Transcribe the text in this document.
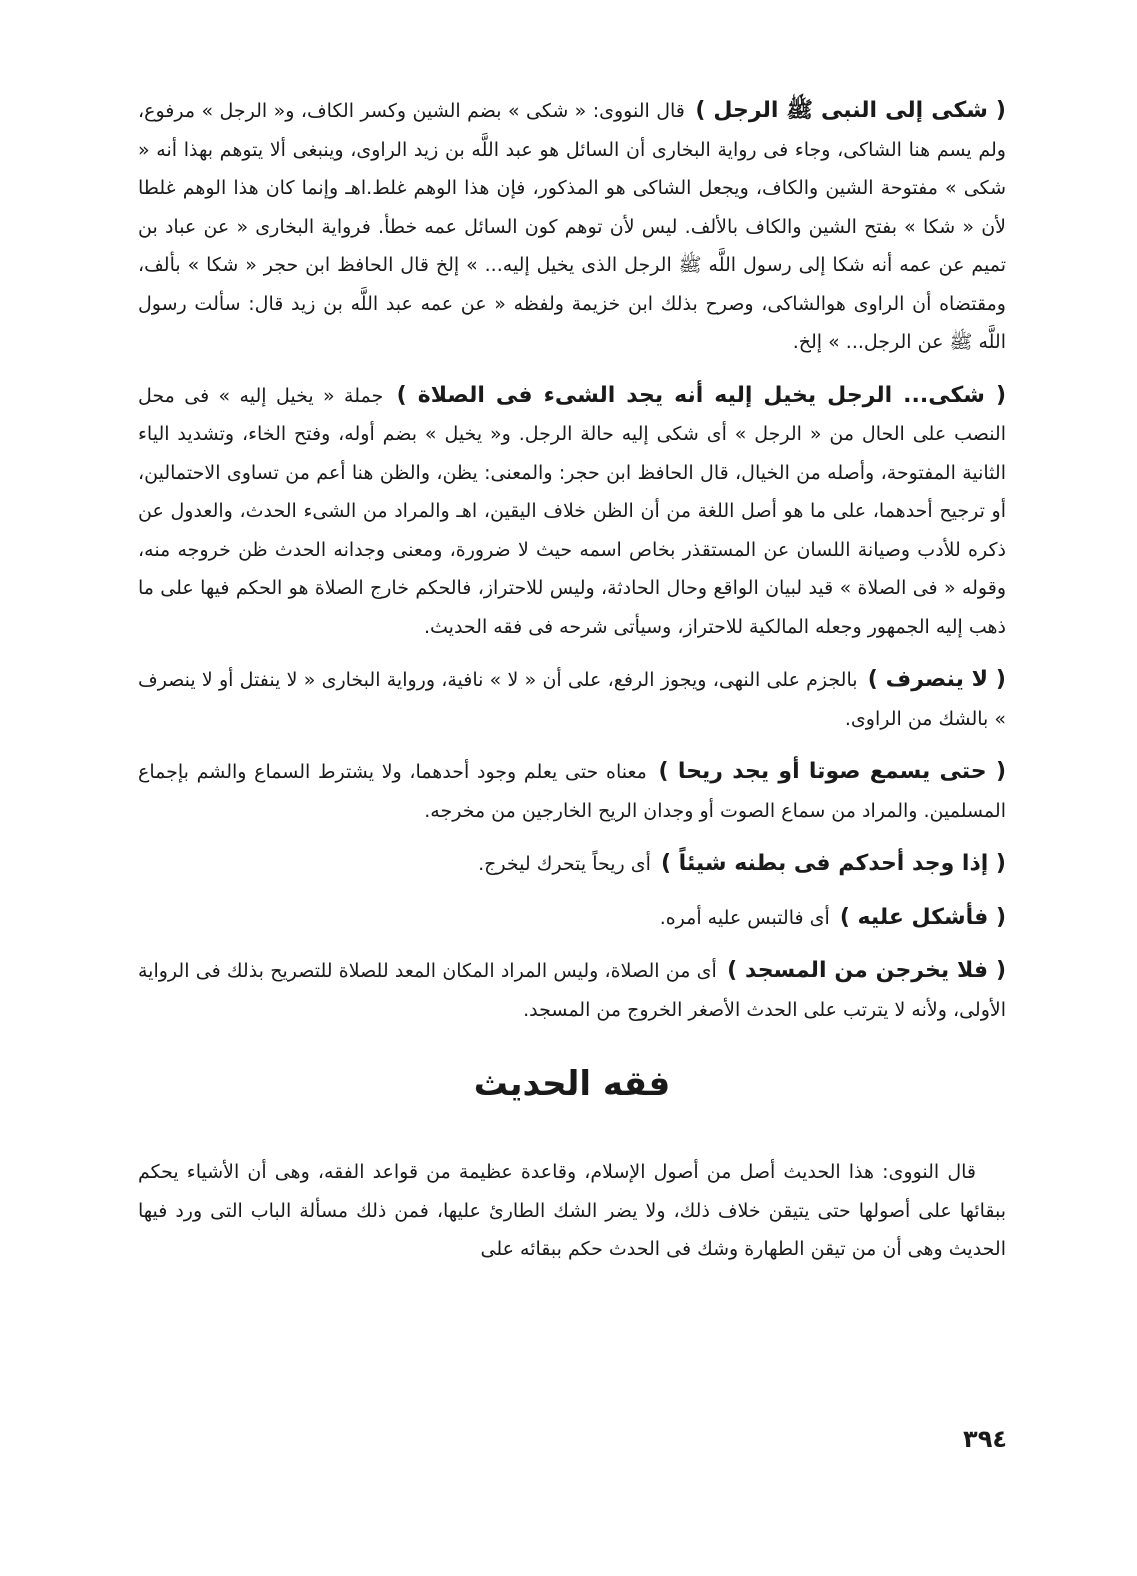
( شكى إلى النبى ﷺ الرجل ) قال النووى: « شكى » بضم الشين وكسر الكاف، و« الرجل » مرفوع، ولم يسم هنا الشاكى، وجاء فى رواية البخارى أن السائل هو عبد اللَّه بن زيد الراوى، وينبغى ألا يتوهم بهذا أنه « شكى » مفتوحة الشين والكاف، ويجعل الشاكى هو المذكور، فإن هذا الوهم غلط.اهـ وإنما كان هذا الوهم غلطا لأن « شكا » بفتح الشين والكاف بالألف. ليس لأن توهم كون السائل عمه خطأ. فرواية البخارى « عن عباد بن تميم عن عمه أنه شكا إلى رسول اللَّه ﷺ الرجل الذى يخيل إليه... » إلخ قال الحافظ ابن حجر « شكا » بألف، ومقتضاه أن الراوى هوالشاكى، وصرح بذلك ابن خزيمة ولفظه « عن عمه عبد اللَّه بن زيد قال: سألت رسول اللَّه ﷺ عن الرجل... » إلخ.

( شكى... الرجل يخيل إليه أنه يجد الشىء فى الصلاة ) جملة « يخيل إليه » فى محل النصب على الحال من « الرجل » أى شكى إليه حالة الرجل. و« يخيل » بضم أوله، وفتح الخاء، وتشديد الياء الثانية المفتوحة، وأصله من الخيال، قال الحافظ ابن حجر: والمعنى: يظن، والظن هنا أعم من تساوى الاحتمالين، أو ترجيح أحدهما، على ما هو أصل اللغة من أن الظن خلاف اليقين، اهـ والمراد من الشىء الحدث، والعدول عن ذكره للأدب وصيانة اللسان عن المستقذر بخاص اسمه حيث لا ضرورة، ومعنى وجدانه الحدث ظن خروجه منه، وقوله « فى الصلاة » قيد لبيان الواقع وحال الحادثة، وليس للاحتراز، فالحكم خارج الصلاة هو الحكم فيها على ما ذهب إليه الجمهور وجعله المالكية للاحتراز، وسيأتى شرحه فى فقه الحديث.

( لا ينصرف ) بالجزم على النهى، ويجوز الرفع، على أن « لا » نافية، ورواية البخارى « لا ينفتل أو لا ينصرف » بالشك من الراوى.

( حتى يسمع صوتا أو يجد ريحا ) معناه حتى يعلم وجود أحدهما، ولا يشترط السماع والشم بإجماع المسلمين. والمراد من سماع الصوت أو وجدان الريح الخارجين من مخرجه.

( إذا وجد أحدكم فى بطنه شيئاً ) أى ريحاً يتحرك ليخرج.

( فأشكل عليه ) أى فالتبس عليه أمره.

( فلا يخرجن من المسجد ) أى من الصلاة، وليس المراد المكان المعد للصلاة للتصريح بذلك فى الرواية الأولى، ولأنه لا يترتب على الحدث الأصغر الخروج من المسجد.

فقه الحديث

قال النووى: هذا الحديث أصل من أصول الإسلام، وقاعدة عظيمة من قواعد الفقه، وهى أن الأشياء يحكم ببقائها على أصولها حتى يتيقن خلاف ذلك، ولا يضر الشك الطارئ عليها، فمن ذلك مسألة الباب التى ورد فيها الحديث وهى أن من تيقن الطهارة وشك فى الحدث حكم ببقائه على

٣٩٤
